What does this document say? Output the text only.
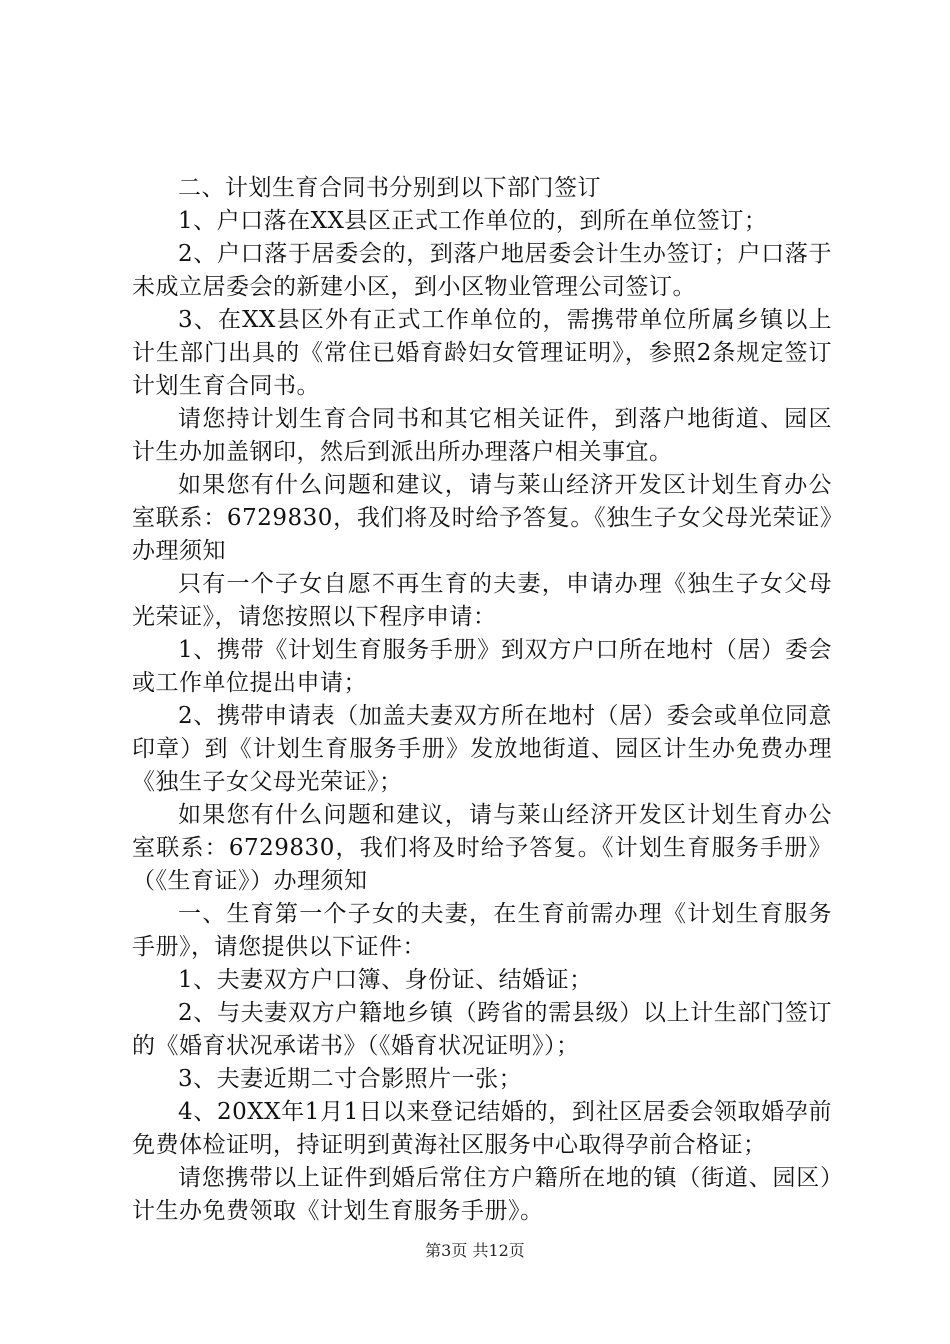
二、计划生育合同书分别到以下部门签订

1、户口落在XX县区正式工作单位的，到所在单位签订；

2、户口落于居委会的，到落户地居委会计生办签订；户口落于未成立居委会的新建小区，到小区物业管理公司签订。

3、在XX县区外有正式工作单位的，需携带单位所属乡镇以上计生部门出具的《常住已婚育龄妇女管理证明》，参照2条规定签订计划生育合同书。

请您持计划生育合同书和其它相关证件，到落户地街道、园区计生办加盖钢印，然后到派出所办理落户相关事宜。

如果您有什么问题和建议，请与莱山经济开发区计划生育办公室联系：6729830，我们将及时给予答复。《独生子女父母光荣证》办理须知

只有一个子女自愿不再生育的夫妻，申请办理《独生子女父母光荣证》，请您按照以下程序申请：

1、携带《计划生育服务手册》到双方户口所在地村（居）委会或工作单位提出申请；

2、携带申请表（加盖夫妻双方所在地村（居）委会或单位同意印章）到《计划生育服务手册》发放地街道、园区计生办免费办理《独生子女父母光荣证》；

如果您有什么问题和建议，请与莱山经济开发区计划生育办公室联系：6729830，我们将及时给予答复。《计划生育服务手册》（《生育证》）办理须知

一、生育第一个子女的夫妻，在生育前需办理《计划生育服务手册》，请您提供以下证件：

1、夫妻双方户口簿、身份证、结婚证；

2、与夫妻双方户籍地乡镇（跨省的需县级）以上计生部门签订的《婚育状况承诺书》（《婚育状况证明》）；

3、夫妻近期二寸合影照片一张；

4、20XX年1月1日以来登记结婚的，到社区居委会领取婚孕前免费体检证明，持证明到黄海社区服务中心取得孕前合格证；

请您携带以上证件到婚后常住方户籍所在地的镇（街道、园区）计生办免费领取《计划生育服务手册》。

第3页 共12页
